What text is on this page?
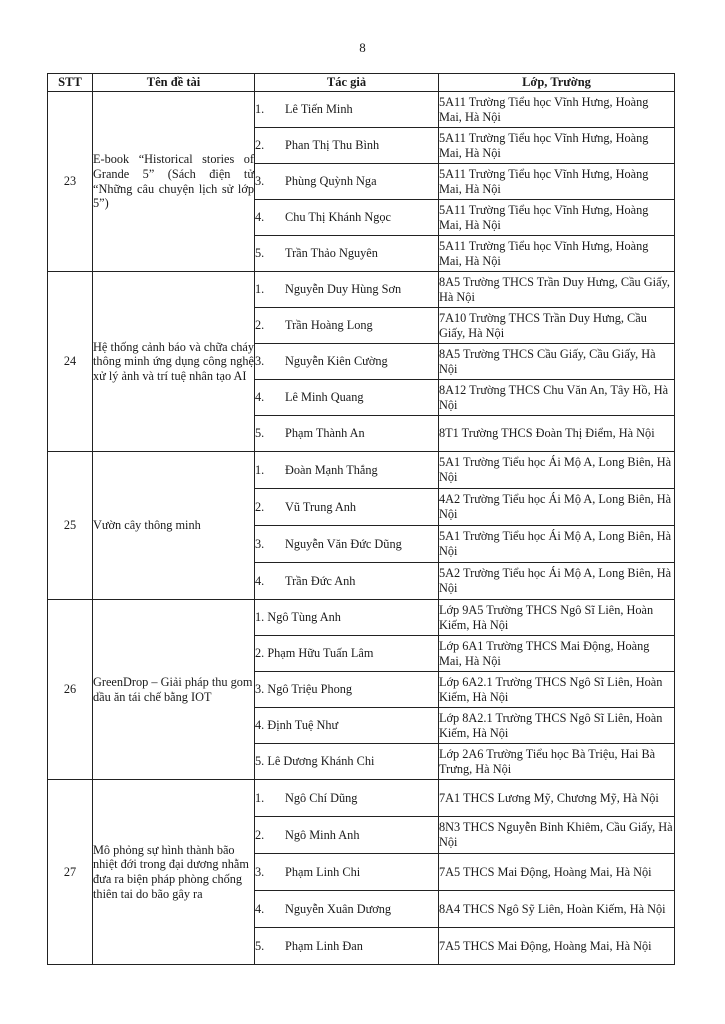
8
STT	Tên đề tài	Tác giả	Lớp, Trường
23	E-book “Historical stories of Grande 5” (Sách điện tử “Những câu chuyện lịch sử lớp 5”)	1. Lê Tiến Minh	5A11 Trường Tiểu học Vĩnh Hưng, Hoàng Mai, Hà Nội
		2. Phan Thị Thu Bình	5A11 Trường Tiểu học Vĩnh Hưng, Hoàng Mai, Hà Nội
		3. Phùng Quỳnh Nga	5A11 Trường Tiểu học Vĩnh Hưng, Hoàng Mai, Hà Nội
		4. Chu Thị Khánh Ngọc	5A11 Trường Tiểu học Vĩnh Hưng, Hoàng Mai, Hà Nội
		5. Trần Thảo Nguyên	5A11 Trường Tiểu học Vĩnh Hưng, Hoàng Mai, Hà Nội
24	Hệ thống cảnh báo và chữa cháy thông minh ứng dụng công nghệ xử lý ảnh và trí tuệ nhân tạo AI	1. Nguyễn Duy Hùng Sơn	8A5 Trường THCS Trần Duy Hưng, Cầu Giấy, Hà Nội
		2. Trần Hoàng Long	7A10 Trường THCS Trần Duy Hưng, Cầu Giấy, Hà Nội
		3. Nguyễn Kiên Cường	8A5 Trường THCS Cầu Giấy, Cầu Giấy, Hà Nội
		4. Lê Minh Quang	8A12 Trường THCS Chu Văn An, Tây Hồ, Hà Nội
		5. Phạm Thành An	8T1 Trường THCS Đoàn Thị Điểm, Hà Nội
25	Vườn cây thông minh	1. Đoàn Mạnh Thắng	5A1 Trường Tiểu học Ái Mộ A, Long Biên, Hà Nội
		2. Vũ Trung Anh	4A2 Trường Tiểu học Ái Mộ A, Long Biên, Hà Nội
		3. Nguyễn Văn Đức Dũng	5A1 Trường Tiểu học Ái Mộ A, Long Biên, Hà Nội
		4. Trần Đức Anh	5A2 Trường Tiểu học Ái Mộ A, Long Biên, Hà Nội
26	GreenDrop – Giải pháp thu gom dầu ăn tái chế bằng IOT	1. Ngô Tùng Anh	Lớp 9A5 Trường THCS Ngô Sĩ Liên, Hoàn Kiếm, Hà Nội
		2. Phạm Hữu Tuấn Lâm	Lớp 6A1 Trường THCS Mai Động, Hoàng Mai, Hà Nội
		3. Ngô Triệu Phong	Lớp 6A2.1 Trường THCS Ngô Sĩ Liên, Hoàn Kiếm, Hà Nội
		4. Định Tuệ Như	Lớp 8A2.1 Trường THCS Ngô Sĩ Liên, Hoàn Kiếm, Hà Nội
		5. Lê Dương Khánh Chi	Lớp 2A6 Trường Tiểu học Bà Triệu, Hai Bà Trưng, Hà Nội
27	Mô phỏng sự hình thành bão nhiệt đới trong đại dương nhằm đưa ra biện pháp phòng chống thiên tai do bão gây ra	1. Ngô Chí Dũng	7A1 THCS Lương Mỹ, Chương Mỹ, Hà Nội
		2. Ngô Minh Anh	8N3 THCS Nguyễn Bỉnh Khiêm, Cầu Giấy, Hà Nội
		3. Phạm Linh Chi	7A5 THCS Mai Động, Hoàng Mai, Hà Nội
		4. Nguyễn Xuân Dương	8A4 THCS Ngô Sỹ Liên, Hoàn Kiếm, Hà Nội
		5. Phạm Linh Đan	7A5 THCS Mai Động, Hoàng Mai, Hà Nội
